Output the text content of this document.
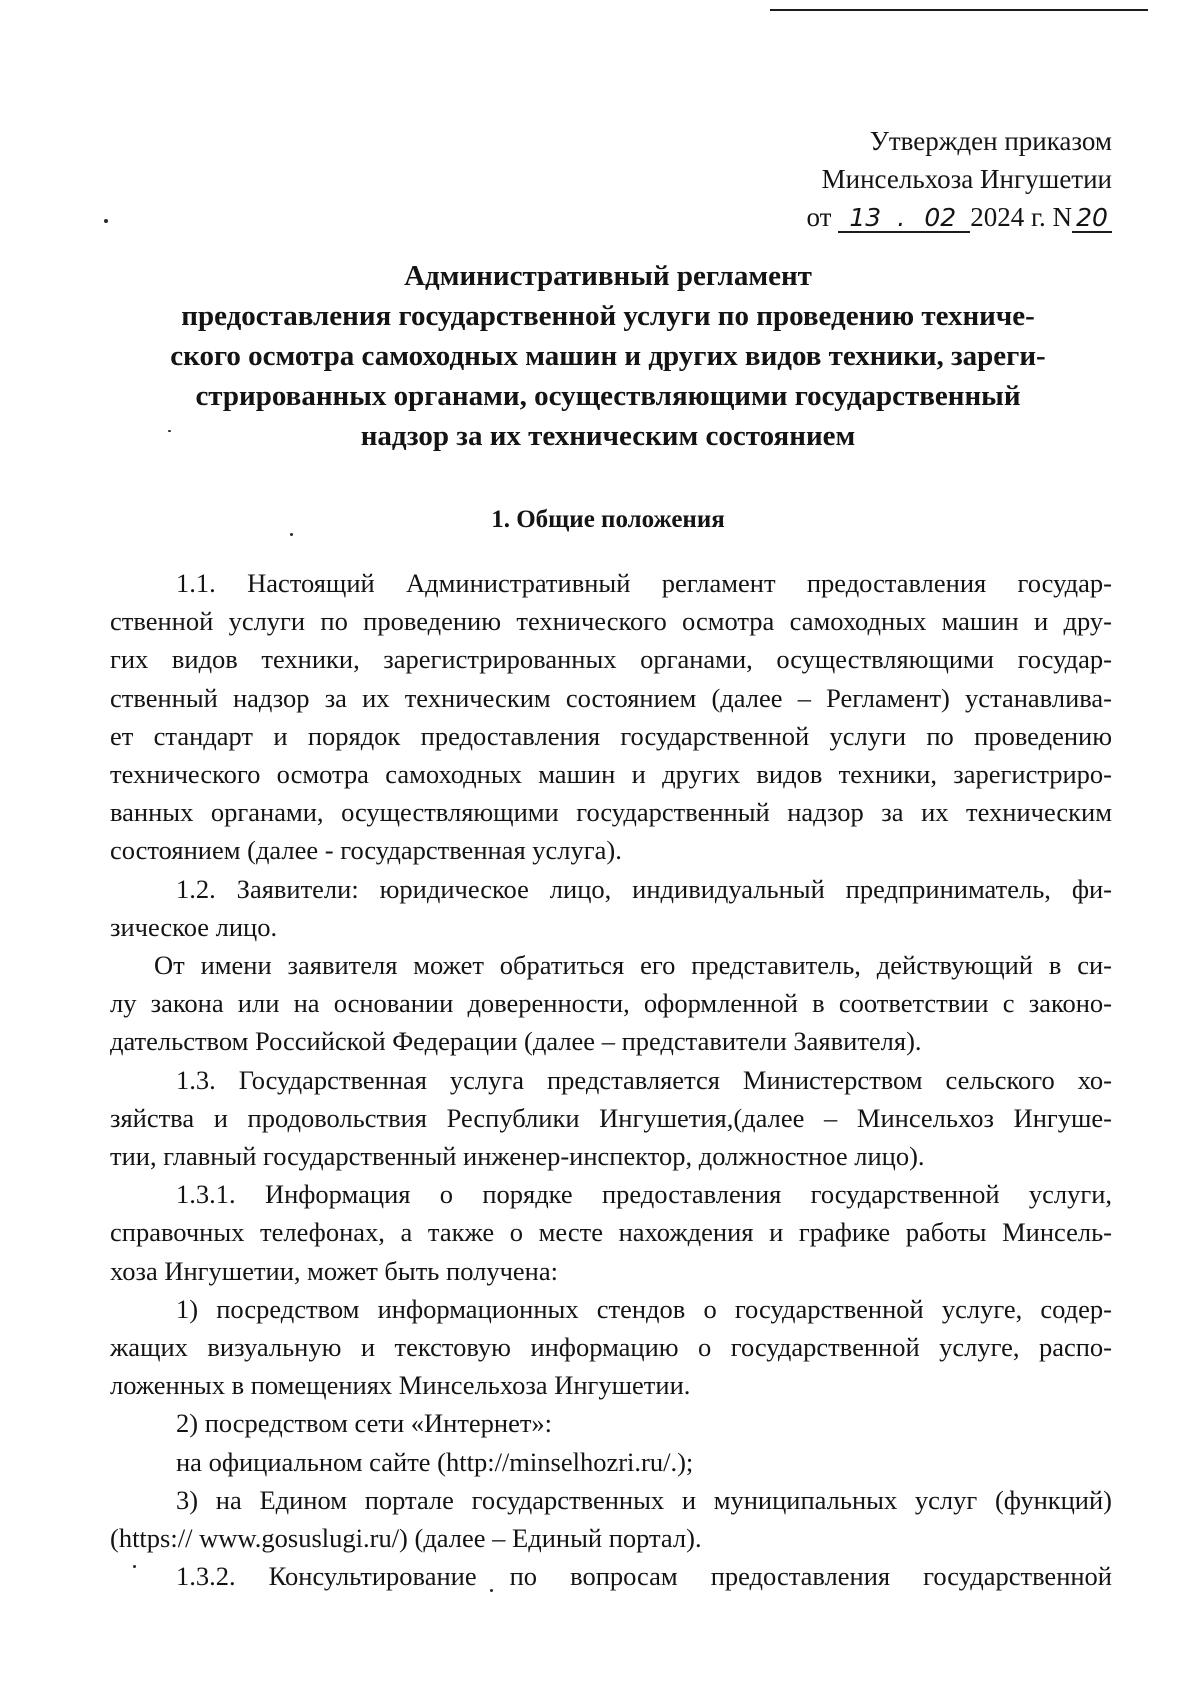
Утвержден приказом
Минсельхоза Ингушетии
от 13 . 02 2024 г. N 20
Административный регламент
предоставления государственной услуги по проведению техниче-
ского осмотра самоходных машин и других видов техники, зареги-
стрированных органами, осуществляющими государственный
надзор за их техническим состоянием
1. Общие положения

1.1. Настоящий Административный регламент предоставления государ-
ственной услуги по проведению технического осмотра самоходных машин и дру-
гих видов техники, зарегистрированных органами, осуществляющими государ-
ственный надзор за их техническим состоянием (далее – Регламент) устанавлива-
ет стандарт и порядок предоставления государственной услуги по проведению
технического осмотра самоходных машин и других видов техники, зарегистриро-
ванных органами, осуществляющими государственный надзор за их техническим
состоянием (далее - государственная услуга).

1.2. Заявители: юридическое лицо, индивидуальный предприниматель, фи-
зическое лицо.

От имени заявителя может обратиться его представитель, действующий в си-
лу закона или на основании доверенности, оформленной в соответствии с законо-
дательством Российской Федерации (далее – представители Заявителя).

1.3. Государственная услуга представляется Министерством сельского хо-
зяйства и продовольствия Республики Ингушетия,(далее – Минсельхоз Ингуше-
тии, главный государственный инженер-инспектор, должностное лицо).

1.3.1. Информация о порядке предоставления государственной услуги,
справочных телефонах, а также о месте нахождения и графике работы Минсель-
хоза Ингушетии, может быть получена:

1) посредством информационных стендов о государственной услуге, содер-
жащих визуальную и текстовую информацию о государственной услуге, распо-
ложенных в помещениях Минсельхоза Ингушетии.

2) посредством сети «Интернет»:
на официальном сайте (http://minselhozri.ru/.);

3) на Едином портале государственных и муниципальных услуг (функций)
(https:// www.gosuslugi.ru/) (далее – Единый портал).

1.3.2. Консультирование по вопросам предоставления государственной
